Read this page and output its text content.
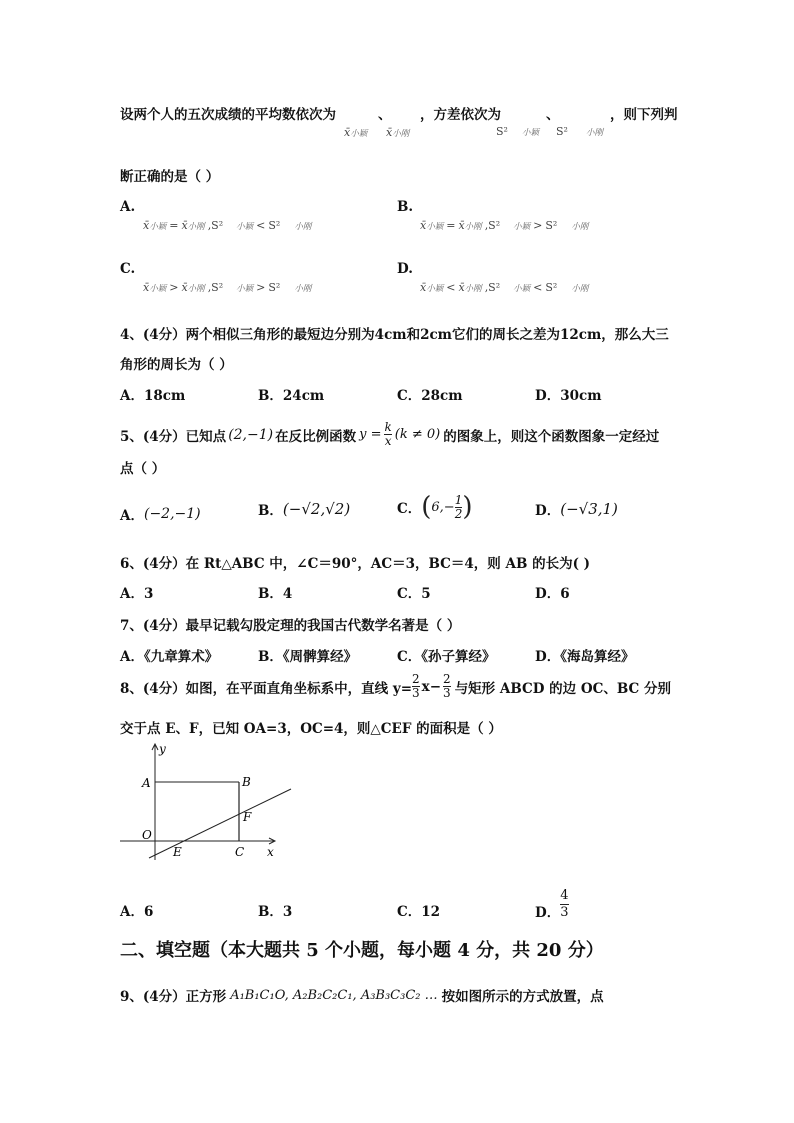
设两个人的五次成绩的平均数依次为	、 ，方差依次为	、	，则下列判
x̄小颖 x̄小刚	S² 小颖 S² 小刚
断正确的是（ ）
A.
x̄小颖 = x̄小刚 ,S² 小颖 < S² 小刚
B.
x̄小颖 = x̄小刚 ,S² 小颖 > S² 小刚
C.
x̄小颖 > x̄小刚 ,S² 小颖 > S² 小刚
D.
x̄小颖 < x̄小刚 ,S² 小颖 < S² 小刚
4、(4分）两个相似三角形的最短边分别为4cm和2cm它们的周长之差为12cm，那么大三
角形的周长为（ ）
A．18cm	B．24cm	C．28cm	D．30cm
5、(4分）已知点 (2,−1) 在反比例函数 $y = \frac{k}{x} (k \ne 0)$ 的图象上，则这个函数图象一定经过
点（ ）
A． (−2,−1)	B． (−√2,√2)	C． ( $6,- \frac{1}{2}$ )	D． (−√3,1)
6、(4分）在 Rt△ABC 中，∠C＝90°，AC＝3，BC＝4，则 AB 的长为( )
A．3	B．4	C．5	D．6
7、(4分）最早记载勾股定理的我国古代数学名著是（ ）
A．《九章算术》	B．《周髀算经》	C．《孙子算经》	D．《海岛算经》
8、(4分）如图，在平面直角坐标系中，直线 $y= \frac{2}{3} x- \frac{2}{3}$ 与矩形 ABCD 的边 OC、BC 分别
交于点 E、F，已知 OA=3，OC=4，则△CEF 的面积是（ ）
y
A	B
O
E	C
F
x
A．6	B．3	C．12	D． $\frac{4}{3}$
二、填空题（本大题共 5 个小题，每小题 4 分，共 20 分）
9、(4分）正方形 A₁B₁C₁O, A₂B₂C₂C₁, A₃B₃C₃C₂ … 按如图所示的方式放置，点
